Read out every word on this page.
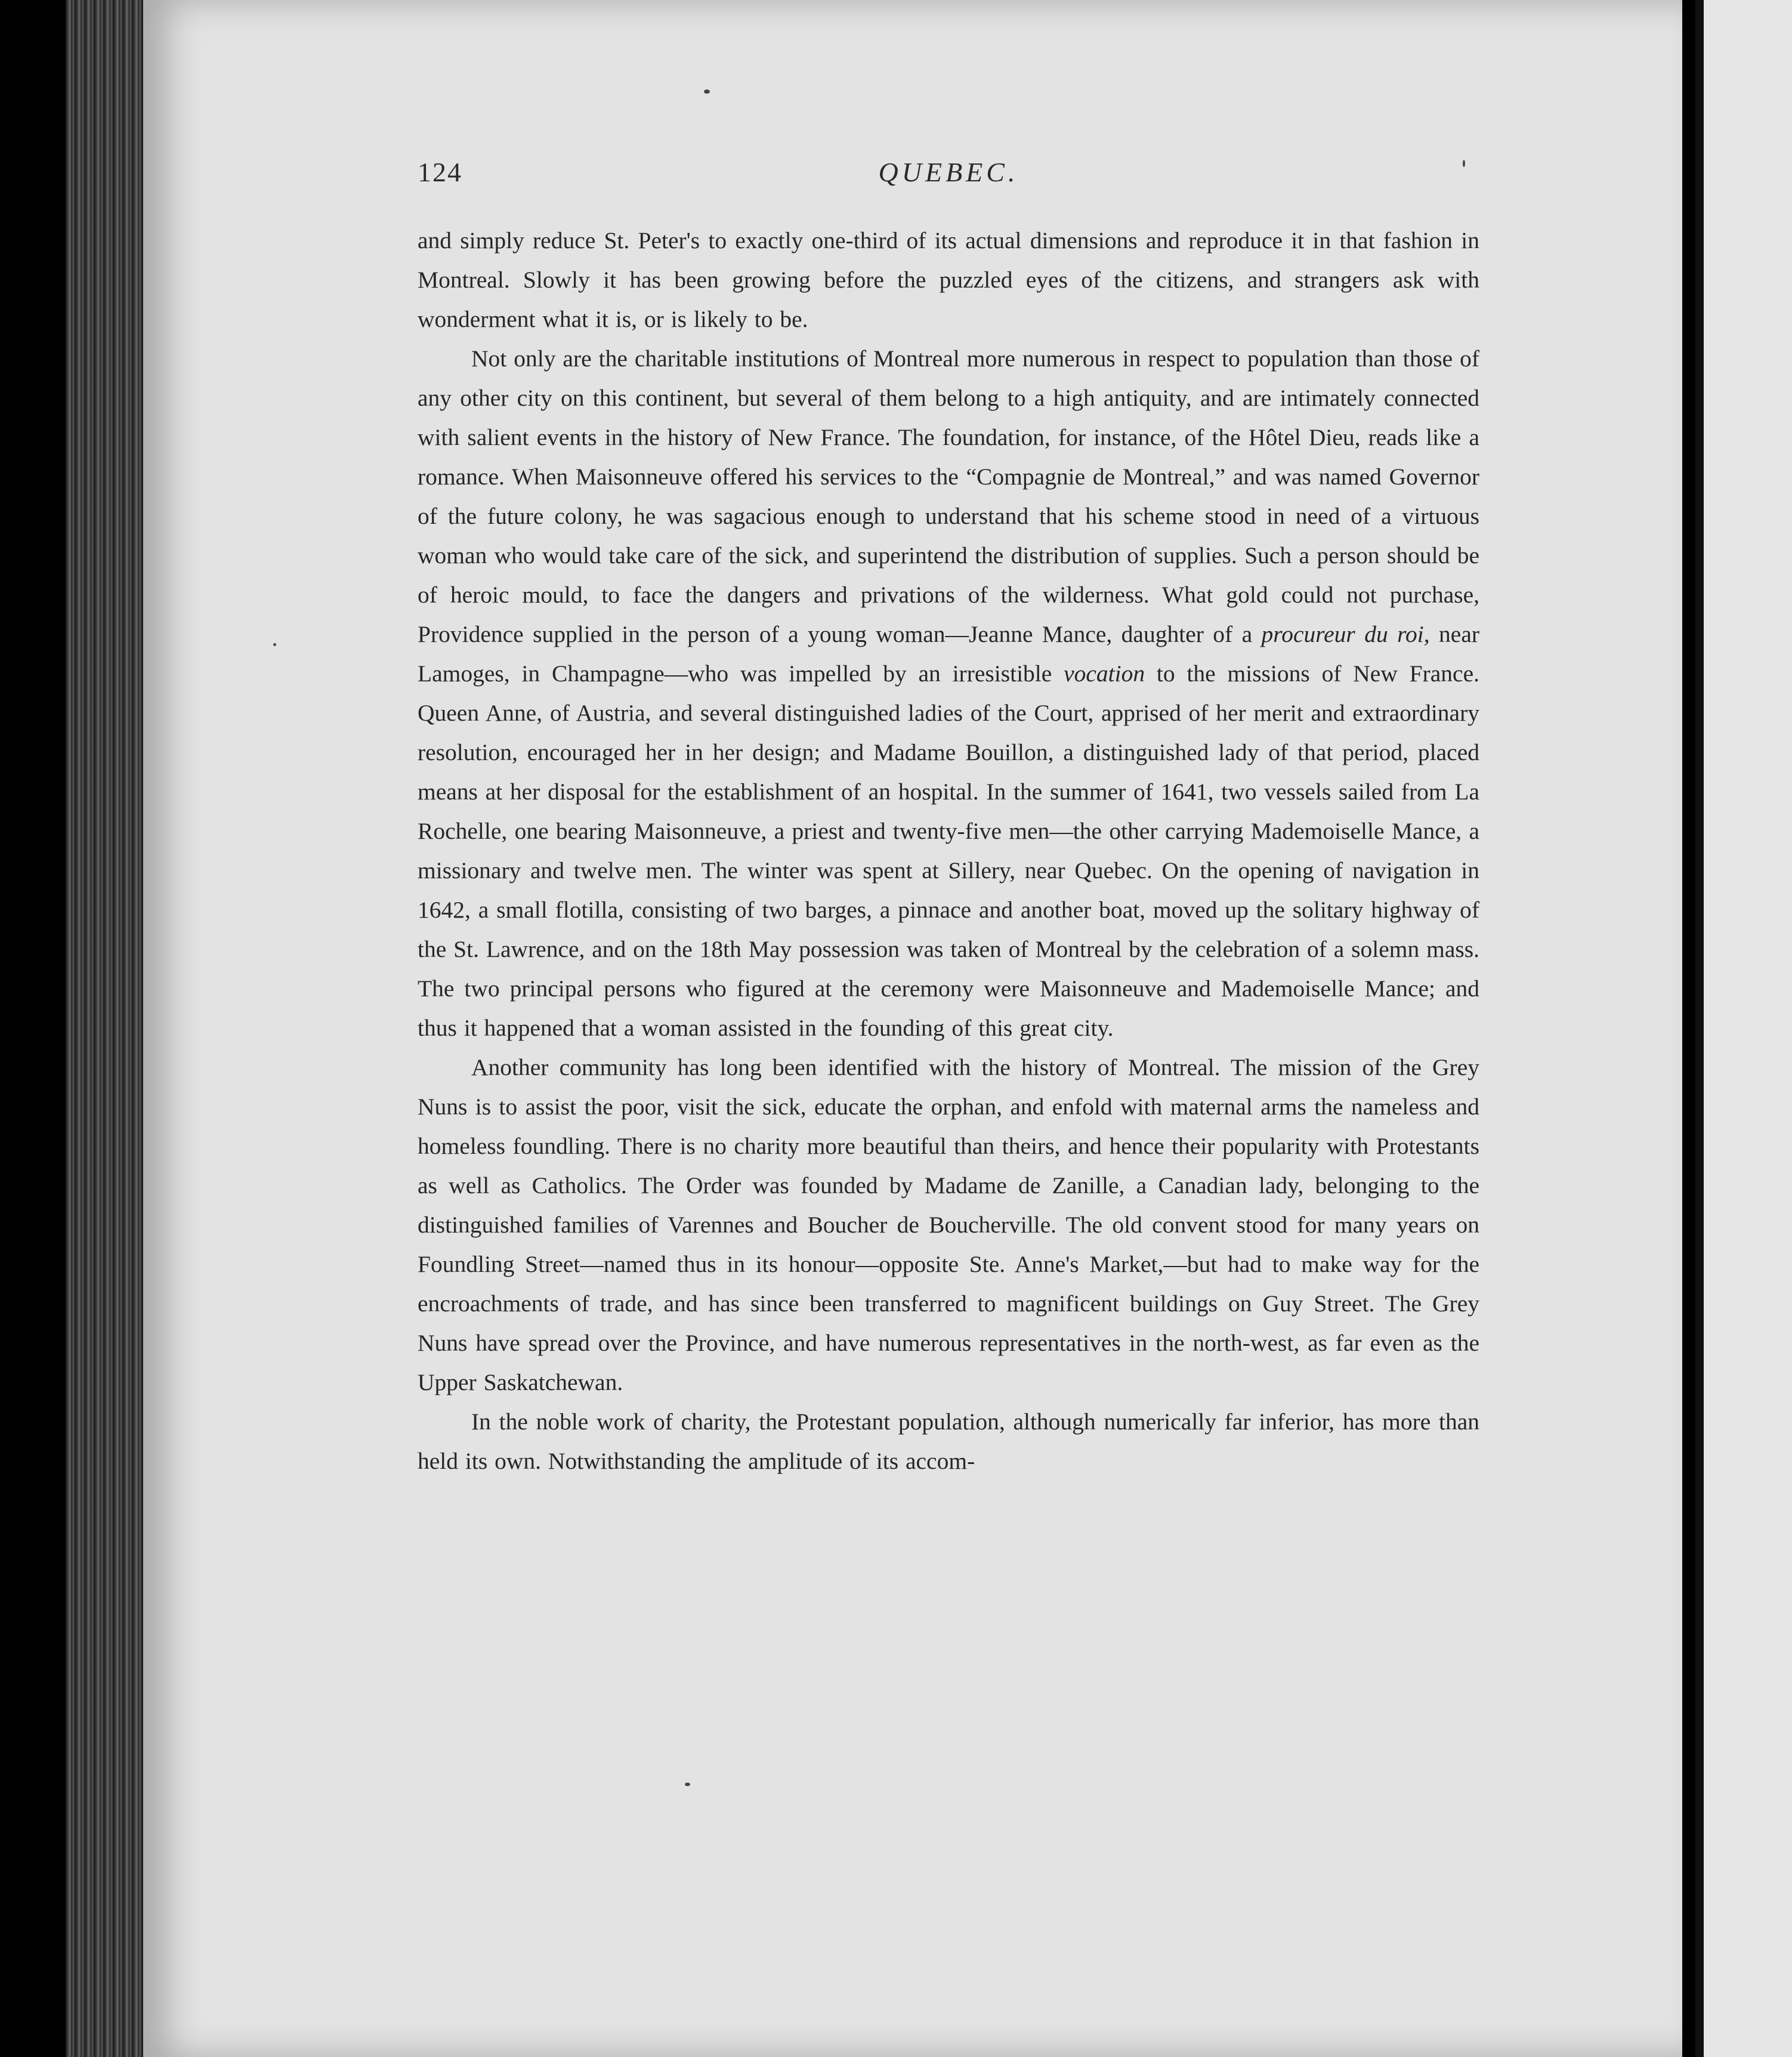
124	QUEBEC.

and simply reduce St. Peter's to exactly one-third of its actual dimensions and reproduce it in that fashion in Montreal. Slowly it has been growing before the puzzled eyes of the citizens, and strangers ask with wonderment what it is, or is likely to be.

Not only are the charitable institutions of Montreal more numerous in respect to population than those of any other city on this continent, but several of them belong to a high antiquity, and are intimately connected with salient events in the history of New France. The foundation, for instance, of the Hôtel Dieu, reads like a romance. When Maisonneuve offered his services to the “Compagnie de Montreal,” and was named Governor of the future colony, he was sagacious enough to understand that his scheme stood in need of a virtuous woman who would take care of the sick, and superintend the distribution of supplies. Such a person should be of heroic mould, to face the dangers and privations of the wilderness. What gold could not purchase, Providence supplied in the person of a young woman—Jeanne Mance, daughter of a procureur du roi, near Lamoges, in Champagne—who was impelled by an irresistible vocation to the missions of New France. Queen Anne, of Austria, and several distinguished ladies of the Court, apprised of her merit and extraordinary resolution, encouraged her in her design; and Madame Bouillon, a distinguished lady of that period, placed means at her disposal for the establishment of an hospital. In the summer of 1641, two vessels sailed from La Rochelle, one bearing Maisonneuve, a priest and twenty-five men—the other carrying Mademoiselle Mance, a missionary and twelve men. The winter was spent at Sillery, near Quebec. On the opening of navigation in 1642, a small flotilla, consisting of two barges, a pinnace and another boat, moved up the solitary highway of the St. Lawrence, and on the 18th May possession was taken of Montreal by the celebration of a solemn mass. The two principal persons who figured at the ceremony were Maisonneuve and Mademoiselle Mance; and thus it happened that a woman assisted in the founding of this great city.

Another community has long been identified with the history of Montreal. The mission of the Grey Nuns is to assist the poor, visit the sick, educate the orphan, and enfold with maternal arms the nameless and homeless foundling. There is no charity more beautiful than theirs, and hence their popularity with Protestants as well as Catholics. The Order was founded by Madame de Zanille, a Canadian lady, belonging to the distinguished families of Varennes and Boucher de Boucherville. The old convent stood for many years on Foundling Street—named thus in its honour—opposite Ste. Anne's Market,—but had to make way for the encroachments of trade, and has since been transferred to magnificent buildings on Guy Street. The Grey Nuns have spread over the Province, and have numerous representatives in the north-west, as far even as the Upper Saskatchewan.

In the noble work of charity, the Protestant population, although numerically far inferior, has more than held its own. Notwithstanding the amplitude of its accom-
